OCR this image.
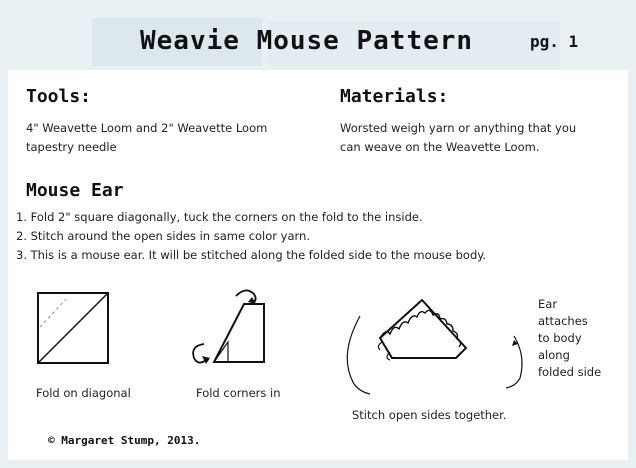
Weavie Mouse Pattern	pg. 1
Tools:
4" Weavette Loom and 2" Weavette Loom
tapestry needle
Materials:
Worsted weigh yarn or anything that you
can weave on the Weavette Loom.
Mouse Ear
1. Fold 2" square diagonally, tuck the corners on the fold to the inside.
2. Stitch around the open sides in same color yarn.
3. This is a mouse ear. It will be stitched along the folded side to the mouse body.
Fold on diagonal	Fold corners in
Stitch open sides together.
Ear
attaches
to body
along
folded side
© Margaret Stump, 2013.
